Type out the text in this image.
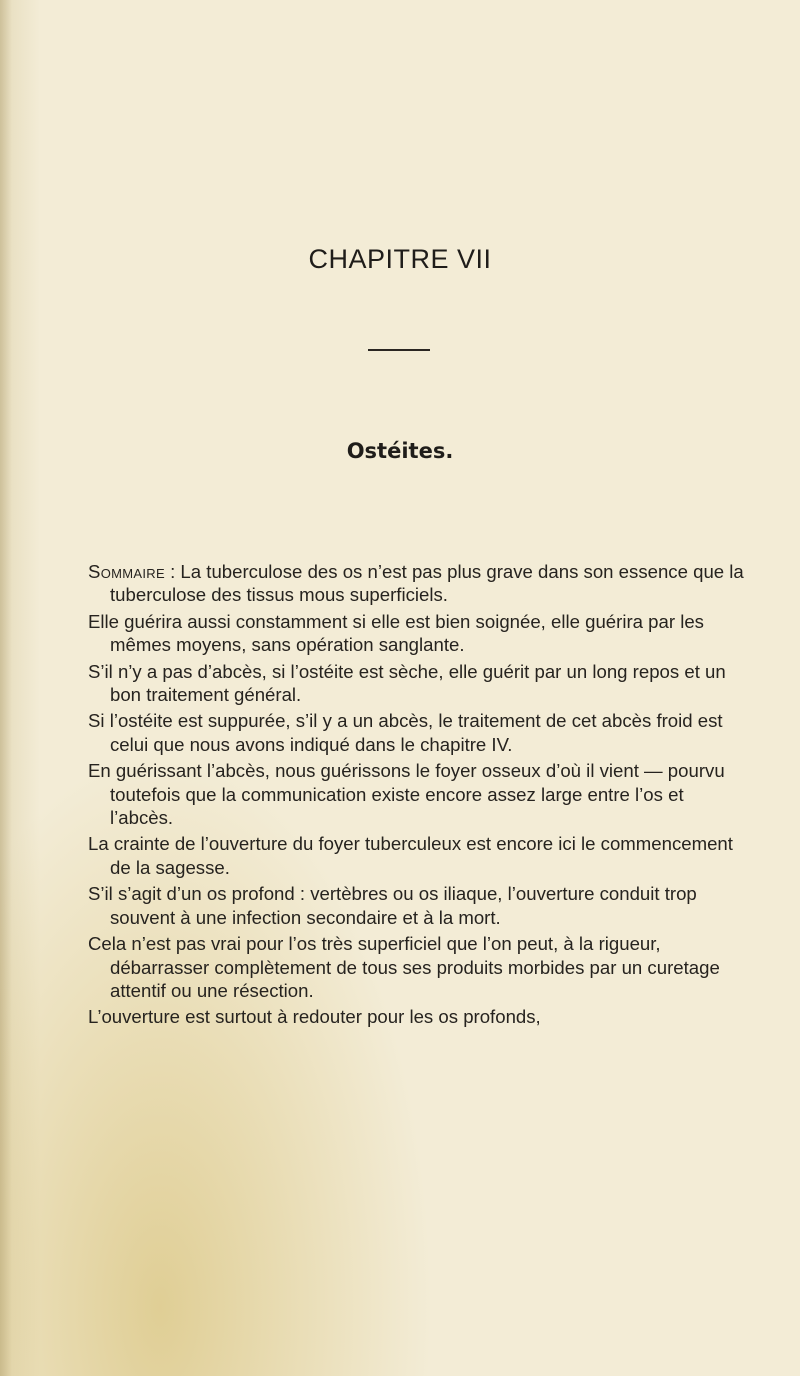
CHAPITRE VII
Ostéites.
Sommaire : La tuberculose des os n’est pas plus grave dans son essence que la tuberculose des tissus mous superficiels.
Elle guérira aussi constamment si elle est bien soignée, elle guérira par les mêmes moyens, sans opération sanglante.
S’il n’y a pas d’abcès, si l’ostéite est sèche, elle guérit par un long repos et un bon traitement général.
Si l’ostéite est suppurée, s’il y a un abcès, le traitement de cet abcès froid est celui que nous avons indiqué dans le chapitre IV.
En guérissant l’abcès, nous guérissons le foyer osseux d’où il vient — pourvu toutefois que la communication existe encore assez large entre l’os et l’abcès.
La crainte de l’ouverture du foyer tuberculeux est encore ici le commencement de la sagesse.
S’il s’agit d’un os profond : vertèbres ou os iliaque, l’ouverture conduit trop souvent à une infection secondaire et à la mort.
Cela n’est pas vrai pour l’os très superficiel que l’on peut, à la rigueur, débarrasser complètement de tous ses produits morbides par un curetage attentif ou une résection.
L’ouverture est surtout à redouter pour les os profonds,
